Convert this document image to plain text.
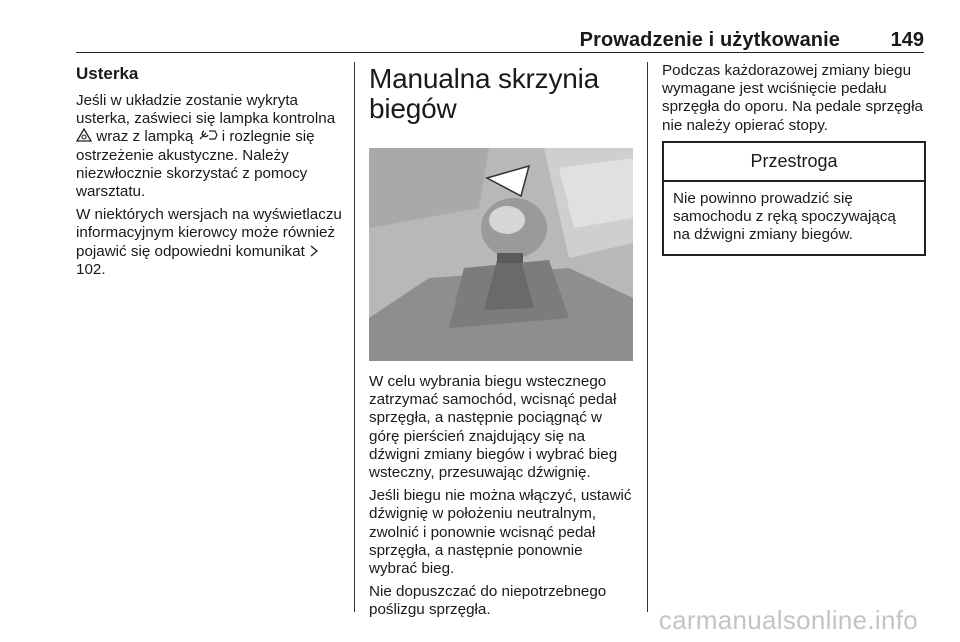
Prowadzenie i użytkowanie	149
Usterka

Jeśli w układzie zostanie wykryta usterka, zaświeci się lampka kontrolna  wraz z lampką i rozlegnie się ostrzeżenie akustyczne. Należy niezwłocznie skorzystać z pomocy warsztatu.

W niektórych wersjach na wyświetlaczu informacyjnym kierowcy może również pojawić się odpowiedni komunikat  102.

Manualna skrzynia biegów

W celu wybrania biegu wstecznego zatrzymać samochód, wcisnąć pedał sprzęgła, a następnie pociągnąć w górę pierścień znajdujący się na dźwigni zmiany biegów i wybrać bieg wsteczny, przesuwając dźwignię.

Jeśli biegu nie można włączyć, ustawić dźwignię w położeniu neutralnym, zwolnić i ponownie wcisnąć pedał sprzęgła, a następnie ponownie wybrać bieg.

Nie dopuszczać do niepotrzebnego poślizgu sprzęgła.

Podczas każdorazowej zmiany biegu wymagane jest wciśnięcie pedału sprzęgła do oporu. Na pedale sprzęgła nie należy opierać stopy.

Przestroga

Nie powinno prowadzić się samochodu z ręką spoczywającą na dźwigni zmiany biegów.

carmanualsonline.info
